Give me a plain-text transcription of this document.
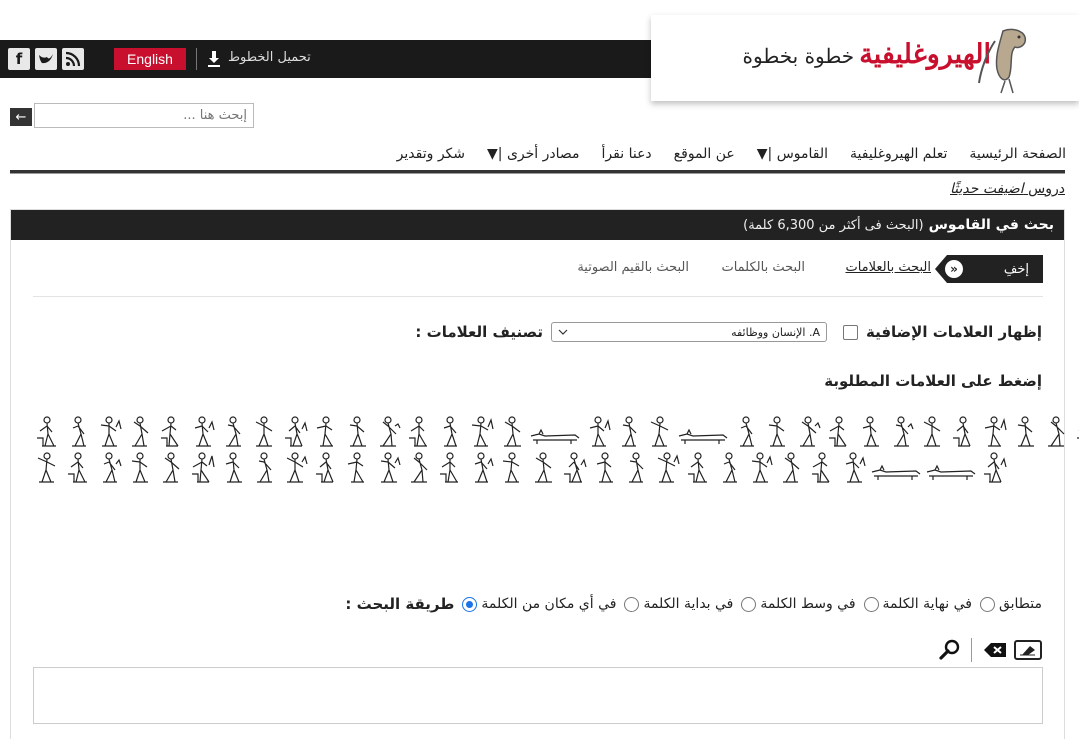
f	English	تحميل الخطوط	الهيروغليفية خطوة بخطوة
←
إبحث هنا ...
الصفحة الرئيسية
تعلم الهيروغليفية
القاموس |▼
عن الموقع
دعنا نقرأ
مصادر أخرى |▼
شكر وتقدير
دروس اضيفت حديثًا
بحث في القاموس
(البحث فى أكثر من 6,300 كلمة)
إخفِ
«
البحث بالعلامات
البحث بالكلمات
البحث بالقيم الصوتية
تصنيف العلامات :	A. الإنسان ووظائفه	إظهار العلامات الإضافية
إضغط على العلامات المطلوبة
طريقة البحث : في أي مكان من الكلمة في بداية الكلمة في وسط الكلمة في نهاية الكلمة متطابق
